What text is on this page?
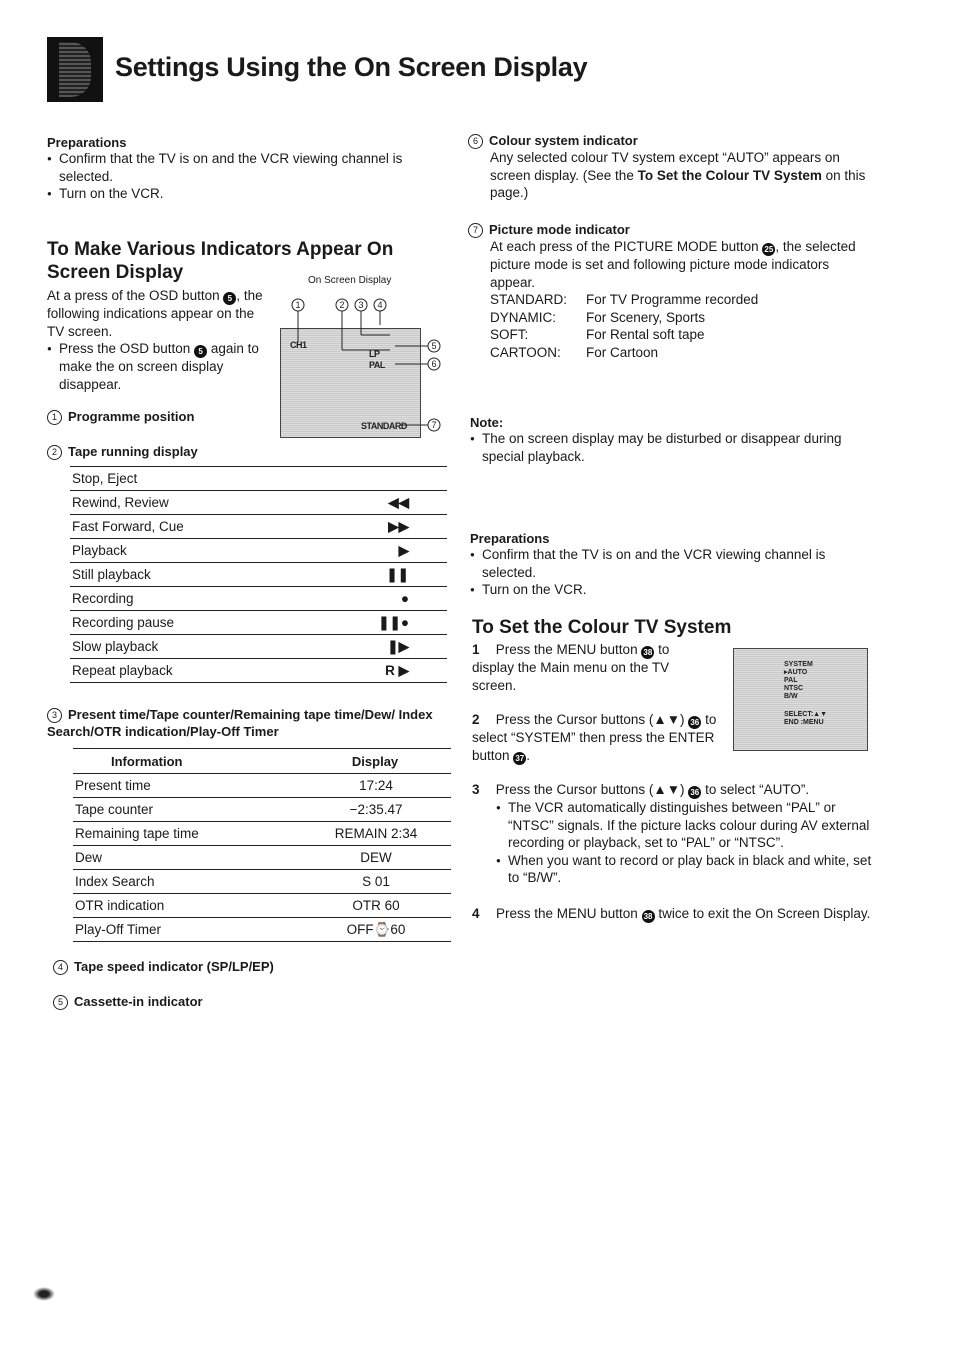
Settings Using the On Screen Display
Preparations
● Confirm that the TV is on and the VCR viewing channel is selected.
● Turn on the VCR.
To Make Various Indicators Appear On Screen Display
At a press of the OSD button 5 , the following indications appear on the TV screen.
● Press the OSD button 5 again to make the on screen display disappear.
On Screen Display
CH1
LP
PAL
STANDARD
1	2 3 4
5
6
7
1 Programme position
2 Tape running display
Stop, Eject	
Rewind, Review	◀◀
Fast Forward, Cue	▶▶
Playback	▶
Still playback	❚❚
Recording	●
Recording pause	❚❚●
Slow playback	❚▶
Repeat playback	R ▶
3 Present time/Tape counter/Remaining tape time/Dew/ Index Search/OTR indication/Play-Off Timer
Information	Display
Present time	17:24
Tape counter	−2:35.47
Remaining tape time	REMAIN 2:34
Dew	DEW
Index Search	S 01
OTR indication	OTR 60
Play-Off Timer	OFF⌚60
4 Tape speed indicator (SP/LP/EP)
5 Cassette-in indicator
6 Colour system indicator
Any selected colour TV system except “AUTO” appears on screen display. (See the To Set the Colour TV System on this page.)
7 Picture mode indicator
At each press of the PICTURE MODE button 25 , the selected picture mode is set and following picture mode indicators appear.
STANDARD:	For TV Programme recorded
DYNAMIC:	For Scenery, Sports
SOFT:	For Rental soft tape
CARTOON:	For Cartoon
Note:
● The on screen display may be disturbed or disappear during special playback.
Preparations
● Confirm that the TV is on and the VCR viewing channel is selected.
● Turn on the VCR.
To Set the Colour TV System
SYSTEM
▸AUTO
PAL
NTSC
B/W
SELECT:▲▼
END :MENU
1 Press the MENU button 38 to display the Main menu on the TV screen.
2 Press the Cursor buttons (▲▼) 36 to select “SYSTEM” then press the ENTER button 37 .
3 Press the Cursor buttons (▲▼) 36 to select “AUTO”.
● The VCR automatically distinguishes between “PAL” or “NTSC” signals. If the picture lacks colour during AV external recording or playback, set to “PAL” or “NTSC”.
● When you want to record or play back in black and white, set to “B/W”.
4	Press the MENU button 38 twice to exit the On Screen Display.
